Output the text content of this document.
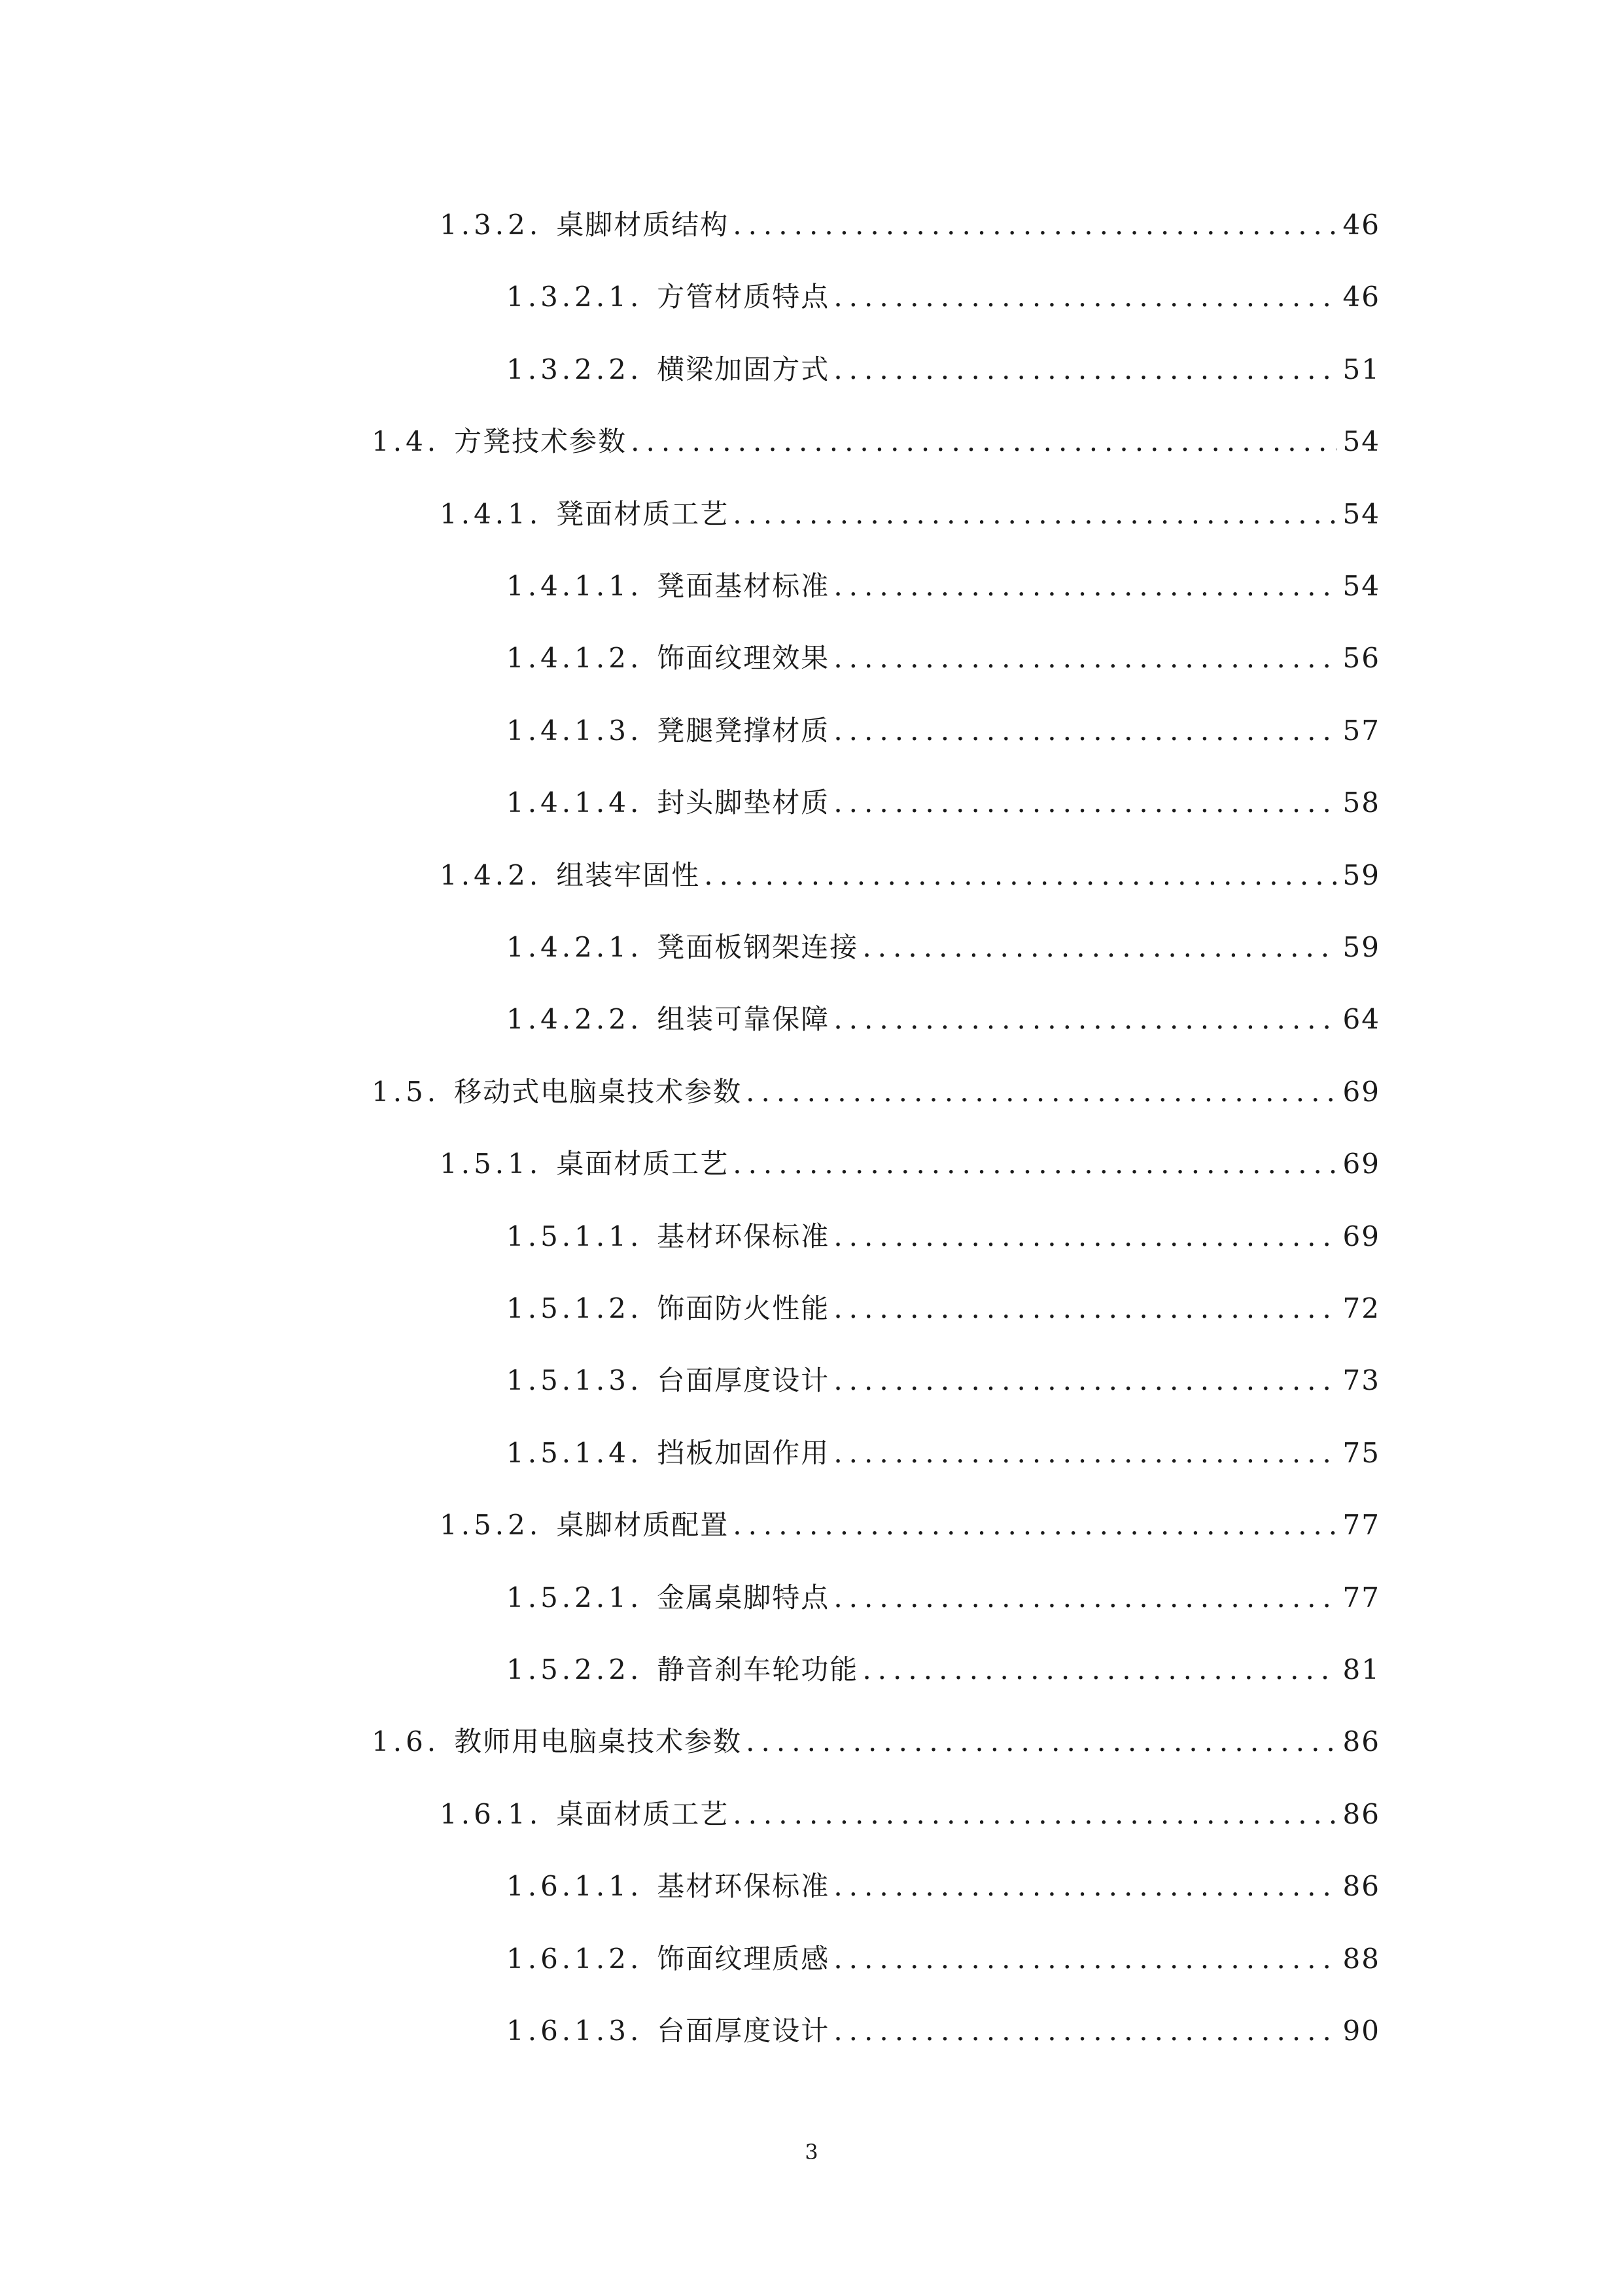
1.3.2. 桌脚材质结构 .....	46
1.3.2.1. 方管材质特点 .....	46
1.3.2.2. 横梁加固方式 .....	51
1.4. 方凳技术参数 .....	54
1.4.1. 凳面材质工艺 .....	54
1.4.1.1. 凳面基材标准 .....	54
1.4.1.2. 饰面纹理效果 .....	56
1.4.1.3. 凳腿凳撑材质 .....	57
1.4.1.4. 封头脚垫材质 .....	58
1.4.2. 组装牢固性 .....	59
1.4.2.1. 凳面板钢架连接 .....	59
1.4.2.2. 组装可靠保障 .....	64
1.5. 移动式电脑桌技术参数 .....	69
1.5.1. 桌面材质工艺 .....	69
1.5.1.1. 基材环保标准 .....	69
1.5.1.2. 饰面防火性能 .....	72
1.5.1.3. 台面厚度设计 .....	73
1.5.1.4. 挡板加固作用 .....	75
1.5.2. 桌脚材质配置 .....	77
1.5.2.1. 金属桌脚特点 .....	77
1.5.2.2. 静音刹车轮功能 .....	81
1.6. 教师用电脑桌技术参数 .....	86
1.6.1. 桌面材质工艺 .....	86
1.6.1.1. 基材环保标准 .....	86
1.6.1.2. 饰面纹理质感 .....	88
1.6.1.3. 台面厚度设计 .....	90
3
